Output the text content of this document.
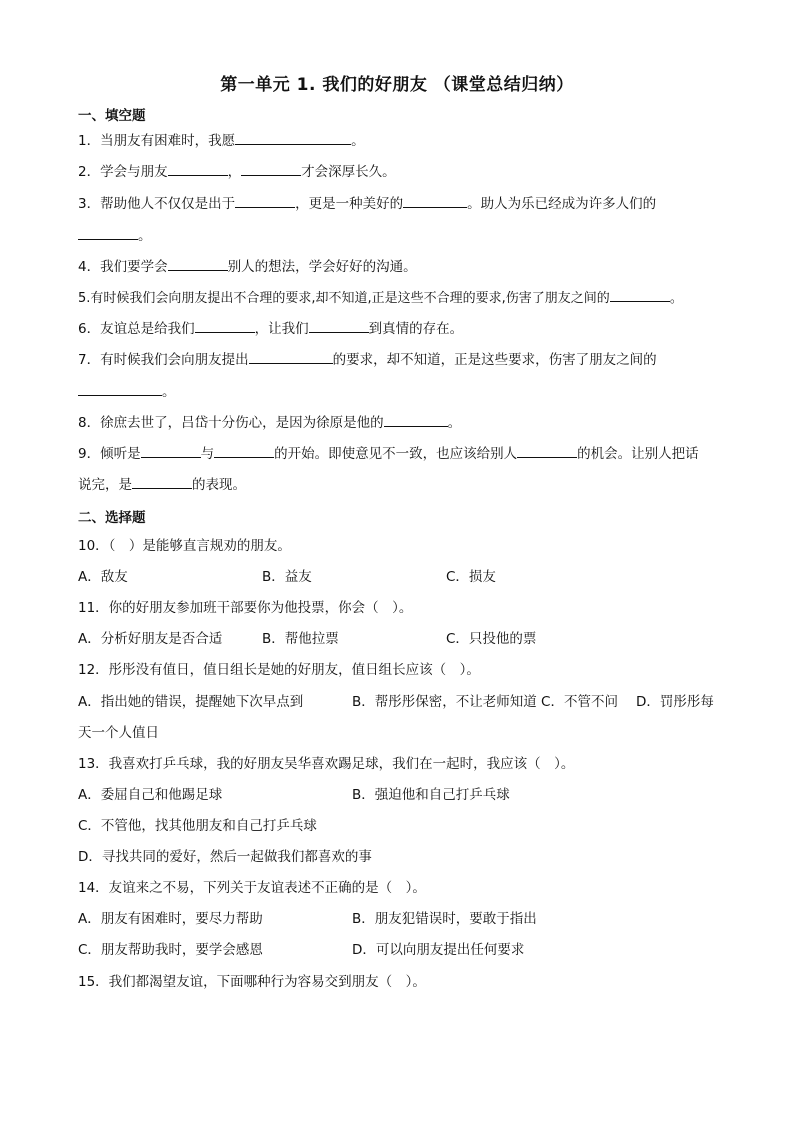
第一单元 1. 我们的好朋友 （课堂总结归纳）
一、填空题
1．当朋友有困难时，我愿	。
2．学会与朋友	，	才会深厚长久。
3．帮助他人不仅仅是出于	，更是一种美好的	。助人为乐已经成为许多人们的
。
4．我们要学会	别人的想法，学会好好的沟通。
5.有时候我们会向朋友提出不合理的要求,却不知道,正是这些不合理的要求,伤害了朋友之间的	。
6．友谊总是给我们	，让我们	到真情的存在。
7．有时候我们会向朋友提出	的要求，却不知道，正是这些要求，伤害了朋友之间的
。
8．徐庶去世了，吕岱十分伤心，是因为徐原是他的	。
9．倾听是	与	的开始。即使意见不一致，也应该给别人	的机会。让别人把话
说完，是	的表现。
二、选择题
10．（　）是能够直言规劝的朋友。
A．敌友	B．益友	C．损友
11．你的好朋友参加班干部要你为他投票，你会（　）。
A．分析好朋友是否合适	B．帮他拉票	C．只投他的票
12．彤彤没有值日，值日组长是她的好朋友，值日组长应该（　）。
A．指出她的错误，提醒她下次早点到	B．帮彤彤保密，不让老师知道 C．不管不问 D．罚彤彤每
天一个人值日
13．我喜欢打乒乓球，我的好朋友吴华喜欢踢足球，我们在一起时，我应该（　）。
A．委屈自己和他踢足球	B．强迫他和自己打乒乓球
C．不管他，找其他朋友和自己打乒乓球
D．寻找共同的爱好，然后一起做我们都喜欢的事
14．友谊来之不易，下列关于友谊表述不正确的是（　）。
A．朋友有困难时，要尽力帮助	B．朋友犯错误时，要敢于指出
C．朋友帮助我时，要学会感恩	D．可以向朋友提出任何要求
15．我们都渴望友谊，下面哪种行为容易交到朋友（　）。
